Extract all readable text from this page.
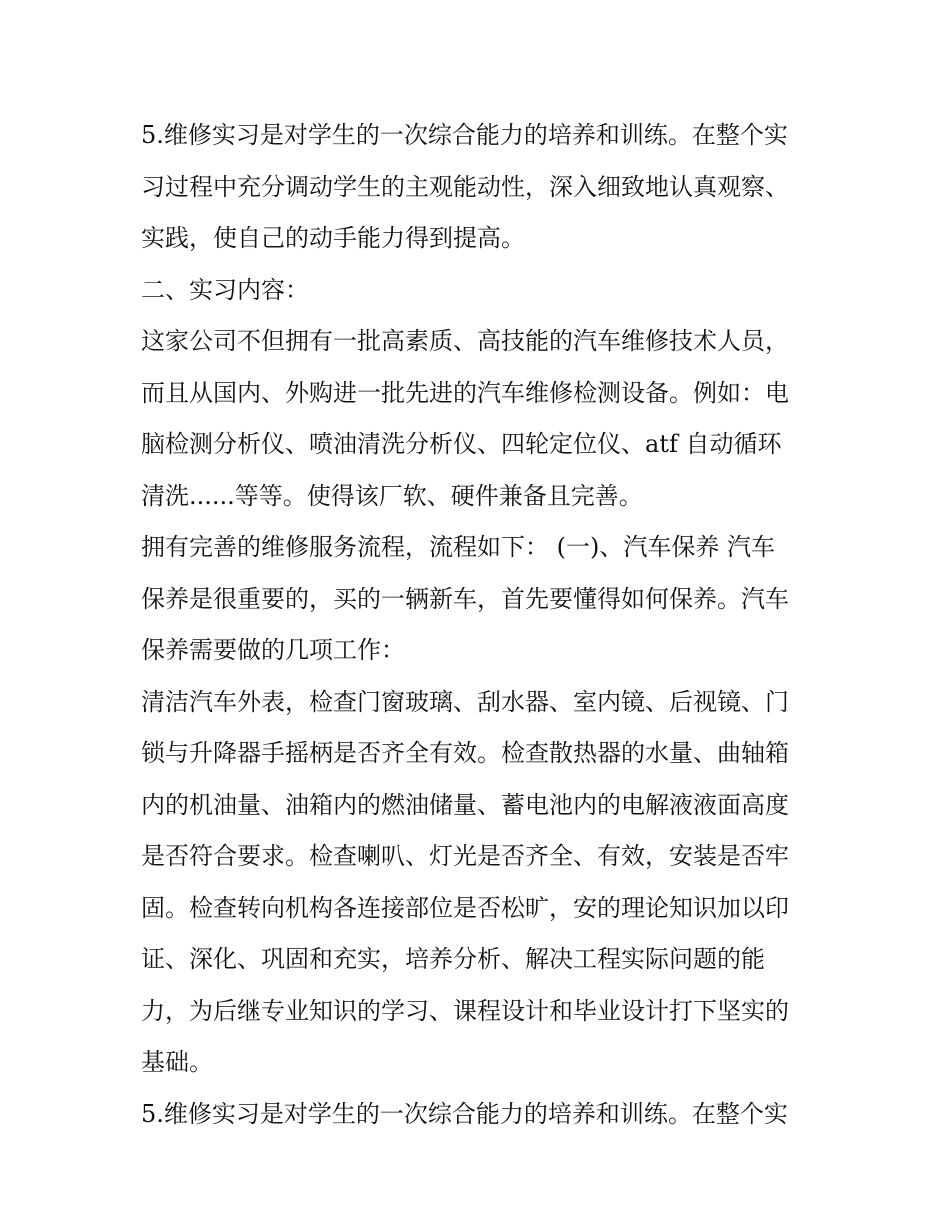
5.维修实习是对学生的一次综合能力的培养和训练。在整个实
习过程中充分调动学生的主观能动性，深入细致地认真观察、
实践，使自己的动手能力得到提高。
二、实习内容：
这家公司不但拥有一批高素质、高技能的汽车维修技术人员，
而且从国内、外购进一批先进的汽车维修检测设备。例如：电
脑检测分析仪、喷油清洗分析仪、四轮定位仪、atf 自动循环
清洗......等等。使得该厂软、硬件兼备且完善。
拥有完善的维修服务流程，流程如下： (一)、汽车保养 汽车
保养是很重要的，买的一辆新车，首先要懂得如何保养。汽车
保养需要做的几项工作：
清洁汽车外表，检查门窗玻璃、刮水器、室内镜、后视镜、门
锁与升降器手摇柄是否齐全有效。检查散热器的水量、曲轴箱
内的机油量、油箱内的燃油储量、蓄电池内的电解液液面高度
是否符合要求。检查喇叭、灯光是否齐全、有效，安装是否牢
固。检查转向机构各连接部位是否松旷，安的理论知识加以印
证、深化、巩固和充实，培养分析、解决工程实际问题的能
力，为后继专业知识的学习、课程设计和毕业设计打下坚实的
基础。
5.维修实习是对学生的一次综合能力的培养和训练。在整个实
